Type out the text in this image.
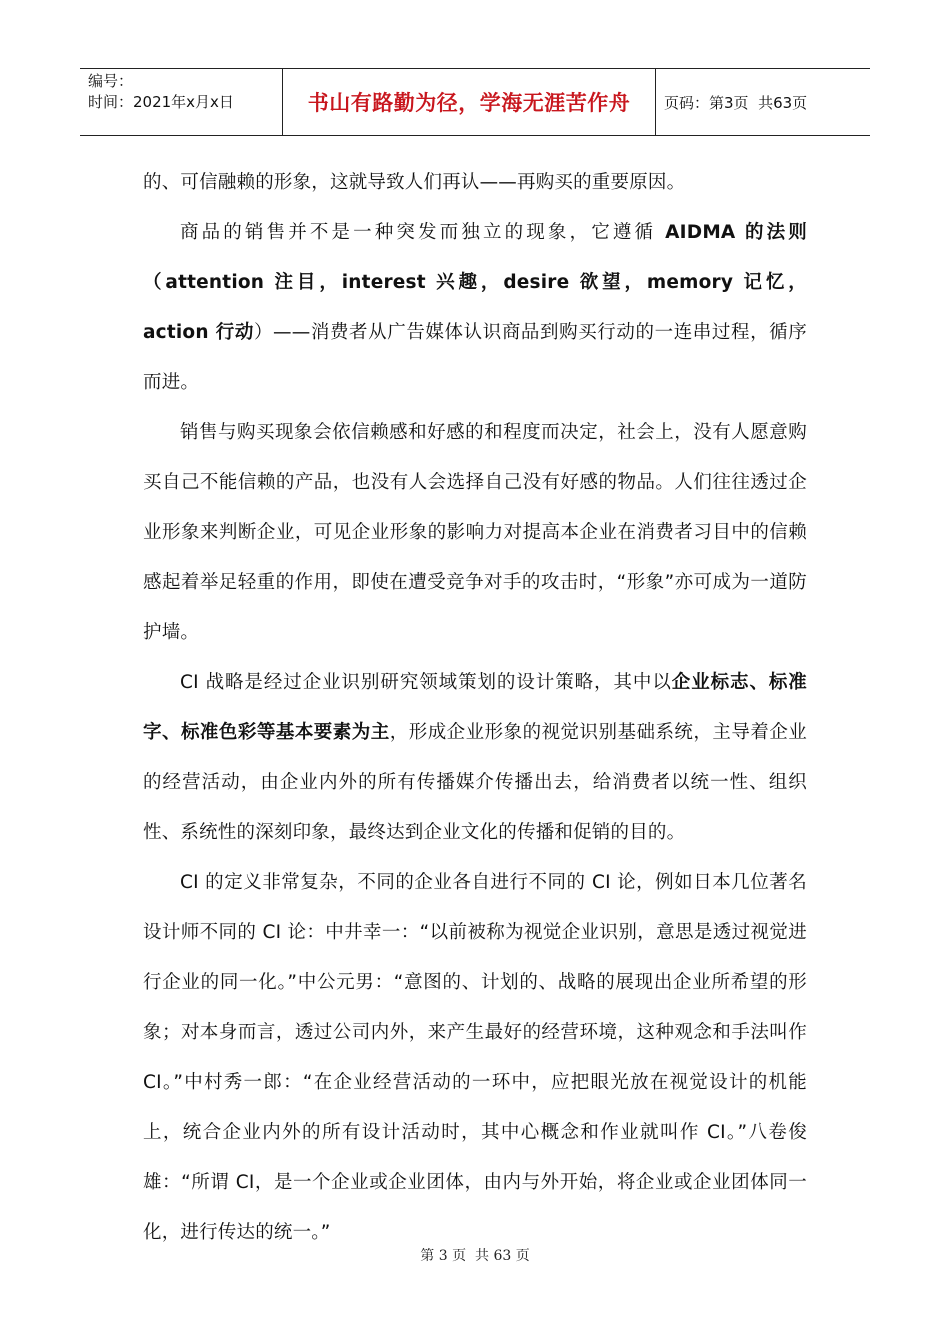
编号：
时间：2021年x月x日	书山有路勤为径，学海无涯苦作舟	页码：第3页  共63页

的、可信融赖的形象，这就导致人们再认——再购买的重要原因。

商品的销售并不是一种突发而独立的现象，它遵循 AIDMA 的法则（attention 注目，interest 兴趣，desire 欲望，memory 记忆，action 行动）——消费者从广告媒体认识商品到购买行动的一连串过程，循序而进。

销售与购买现象会依信赖感和好感的和程度而决定，社会上，没有人愿意购买自己不能信赖的产品，也没有人会选择自己没有好感的物品。人们往往透过企业形象来判断企业，可见企业形象的影响力对提高本企业在消费者习目中的信赖感起着举足轻重的作用，即使在遭受竞争对手的攻击时，“形象”亦可成为一道防护墙。

CI 战略是经过企业识别研究领域策划的设计策略，其中以企业标志、标准字、标准色彩等基本要素为主，形成企业形象的视觉识别基础系统，主导着企业的经营活动，由企业内外的所有传播媒介传播出去，给消费者以统一性、组织性、系统性的深刻印象，最终达到企业文化的传播和促销的目的。

CI 的定义非常复杂，不同的企业各自进行不同的 CI 论，例如日本几位著名设计师不同的 CI 论：中井幸一：“以前被称为视觉企业识别，意思是透过视觉进行企业的同一化。”中公元男：“意图的、计划的、战略的展现出企业所希望的形象；对本身而言，透过公司内外，来产生最好的经营环境，这种观念和手法叫作 CI。”中村秀一郎：“在企业经营活动的一环中，应把眼光放在视觉设计的机能上，统合企业内外的所有设计活动时，其中心概念和作业就叫作 CI。”八卷俊雄：“所谓 CI，是一个企业或企业团体，由内与外开始，将企业或企业团体同一化，进行传达的统一。”

第 3 页  共 63 页
